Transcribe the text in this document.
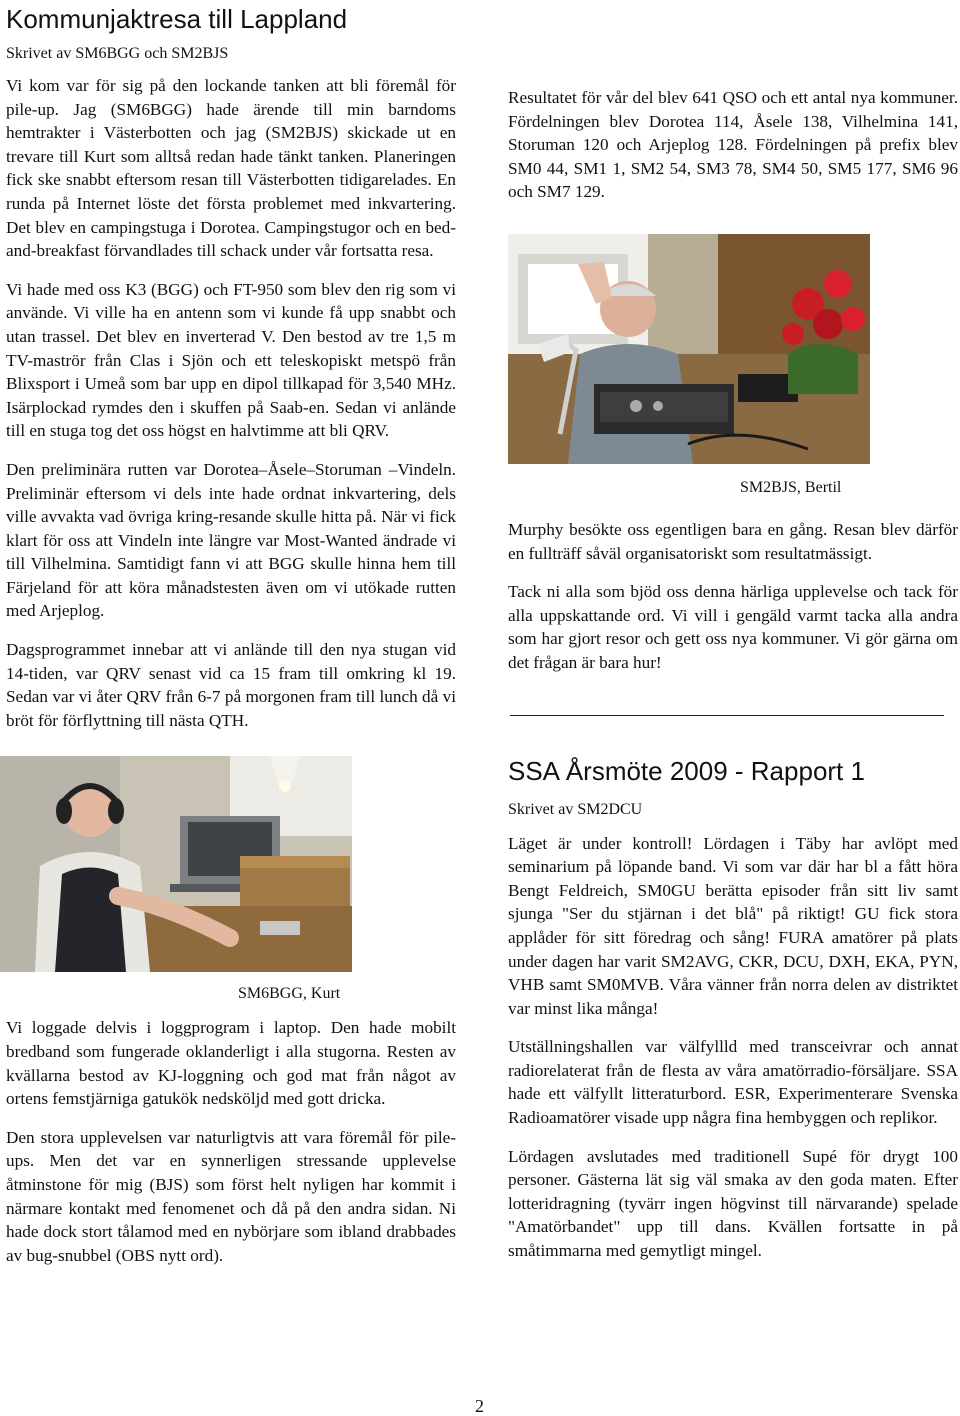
Kommunjaktresa till Lappland
Skrivet av SM6BGG och SM2BJS

Vi kom var för sig på den lockande tanken att bli föremål för pile-up. Jag (SM6BGG) hade ärende till min barndoms hemtrakter i Västerbotten och jag (SM2BJS) skickade ut en trevare till Kurt som alltså redan hade tänkt tanken. Planeringen fick ske snabbt eftersom resan till Västerbotten tidigarelades. En runda på Internet löste det första problemet med inkvartering. Det blev en campingstuga i Dorotea. Campingstugor och en bed-and-breakfast förvandlades till schack under vår fortsatta resa.

Vi hade med oss K3 (BGG) och FT-950 som blev den rig som vi använde. Vi ville ha en antenn som vi kunde få upp snabbt och utan trassel. Det blev en inverterad V. Den bestod av tre 1,5 m TV-maströr från Clas i Sjön och ett teleskopiskt metspö från Blixsport i Umeå som bar upp en dipol tillkapad för 3,540 MHz. Isärplockad rymdes den i skuffen på Saab-en. Sedan vi anlände till en stuga tog det oss högst en halvtimme att bli QRV.

Den preliminära rutten var Dorotea–Åsele–Storuman –Vindeln. Preliminär eftersom vi dels inte hade ordnat inkvartering, dels ville avvakta vad övriga kring-resande skulle hitta på. När vi fick klart för oss att Vindeln inte längre var Most-Wanted ändrade vi till Vilhelmina. Samtidigt fann vi att BGG skulle hinna hem till Färjeland för att köra månadstesten även om vi utökade rutten med Arjeplog.

Dagsprogrammet innebar att vi anlände till den nya stugan vid 14-tiden, var QRV senast vid ca 15 fram till omkring kl 19. Sedan var vi åter QRV från 6-7 på morgonen fram till lunch då vi bröt för förflyttning till nästa QTH.

SM6BGG, Kurt

Vi loggade delvis i loggprogram i laptop. Den hade mobilt bredband som fungerade oklanderligt i alla stugorna. Resten av kvällarna bestod av KJ-loggning och god mat från något av ortens femstjärniga gatukök nedsköljd med gott dricka.

Den stora upplevelsen var naturligtvis att vara föremål för pile-ups. Men det var en synnerligen stressande upplevelse åtminstone för mig (BJS) som först helt nyligen har kommit i närmare kontakt med fenomenet och då på den andra sidan. Ni hade dock stort tålamod med en nybörjare som ibland drabbades av bug-snubbel (OBS nytt ord).

Resultatet för vår del blev 641 QSO och ett antal nya kommuner. Fördelningen blev Dorotea 114, Åsele 138, Vilhelmina 141, Storuman 120 och Arjeplog 128. Fördelningen på prefix blev SM0 44, SM1 1, SM2 54, SM3 78, SM4 50, SM5 177, SM6 96 och SM7 129.

SM2BJS, Bertil

Murphy besökte oss egentligen bara en gång. Resan blev därför en fullträff såväl organisatoriskt som resultatmässigt.

Tack ni alla som bjöd oss denna härliga upplevelse och tack för alla uppskattande ord. Vi vill i gengäld varmt tacka alla andra som har gjort resor och gett oss nya kommuner. Vi gör gärna om det frågan är bara hur!

SSA Årsmöte 2009 - Rapport 1
Skrivet av SM2DCU

Läget är under kontroll! Lördagen i Täby har avlöpt med seminarium på löpande band. Vi som var där har bl a fått höra Bengt Feldreich, SM0GU berätta episoder från sitt liv samt sjunga "Ser du stjärnan i det blå" på riktigt! GU fick stora applåder för sitt föredrag och sång! FURA amatörer på plats under dagen har varit SM2AVG, CKR, DCU, DXH, EKA, PYN, VHB samt SM0MVB. Våra vänner från norra delen av distriktet var minst lika många!

Utställningshallen var välfyllld med transceivrar och annat radiorelaterat från de flesta av våra amatörradio-försäljare. SSA hade ett välfyllt litteraturbord. ESR, Experimenterare Svenska Radioamatörer visade upp några fina hembyggen och replikor.

Lördagen avslutades med traditionell Supé för drygt 100 personer. Gästerna lät sig väl smaka av den goda maten. Efter lotteridragning (tyvärr ingen högvinst till närvarande) spelade "Amatörbandet" upp till dans. Kvällen fortsatte in på småtimmarna med gemytligt mingel.

2
